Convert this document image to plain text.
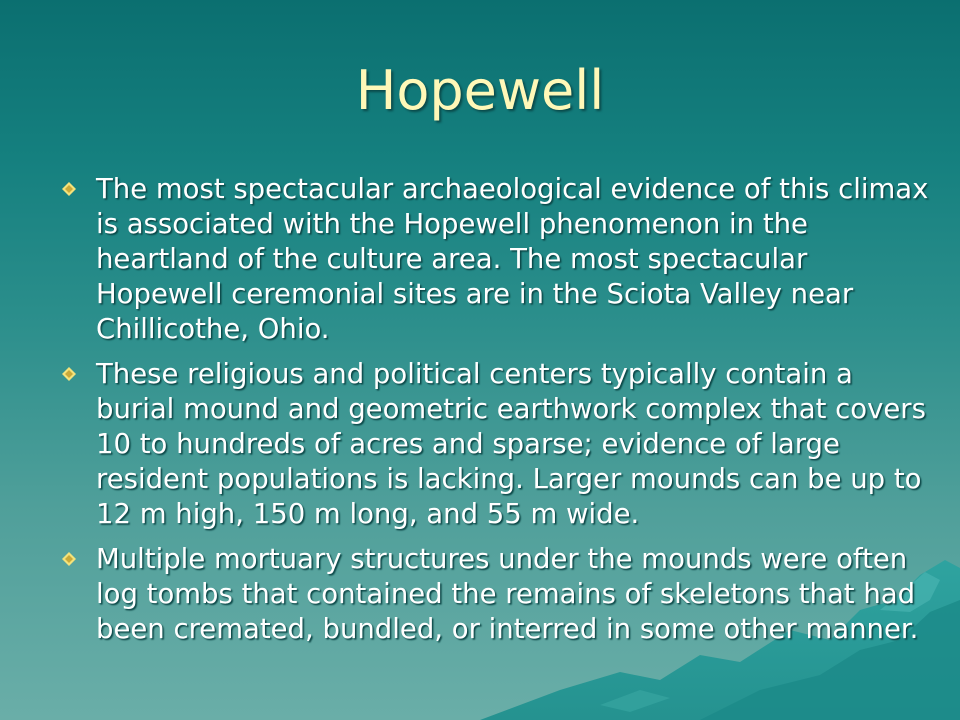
Hopewell
The most spectacular archaeological evidence of this climax is associated with the Hopewell phenomenon in the heartland of the culture area. The most spectacular Hopewell ceremonial sites are in the Sciota Valley near Chillicothe, Ohio.
These religious and political centers typically contain a burial mound and geometric earthwork complex that covers 10 to hundreds of acres and sparse; evidence of large resident populations is lacking. Larger mounds can be up to 12 m high, 150 m long, and 55 m wide.
Multiple mortuary structures under the mounds were often log tombs that contained the remains of skeletons that had been cremated, bundled, or interred in some other manner.
